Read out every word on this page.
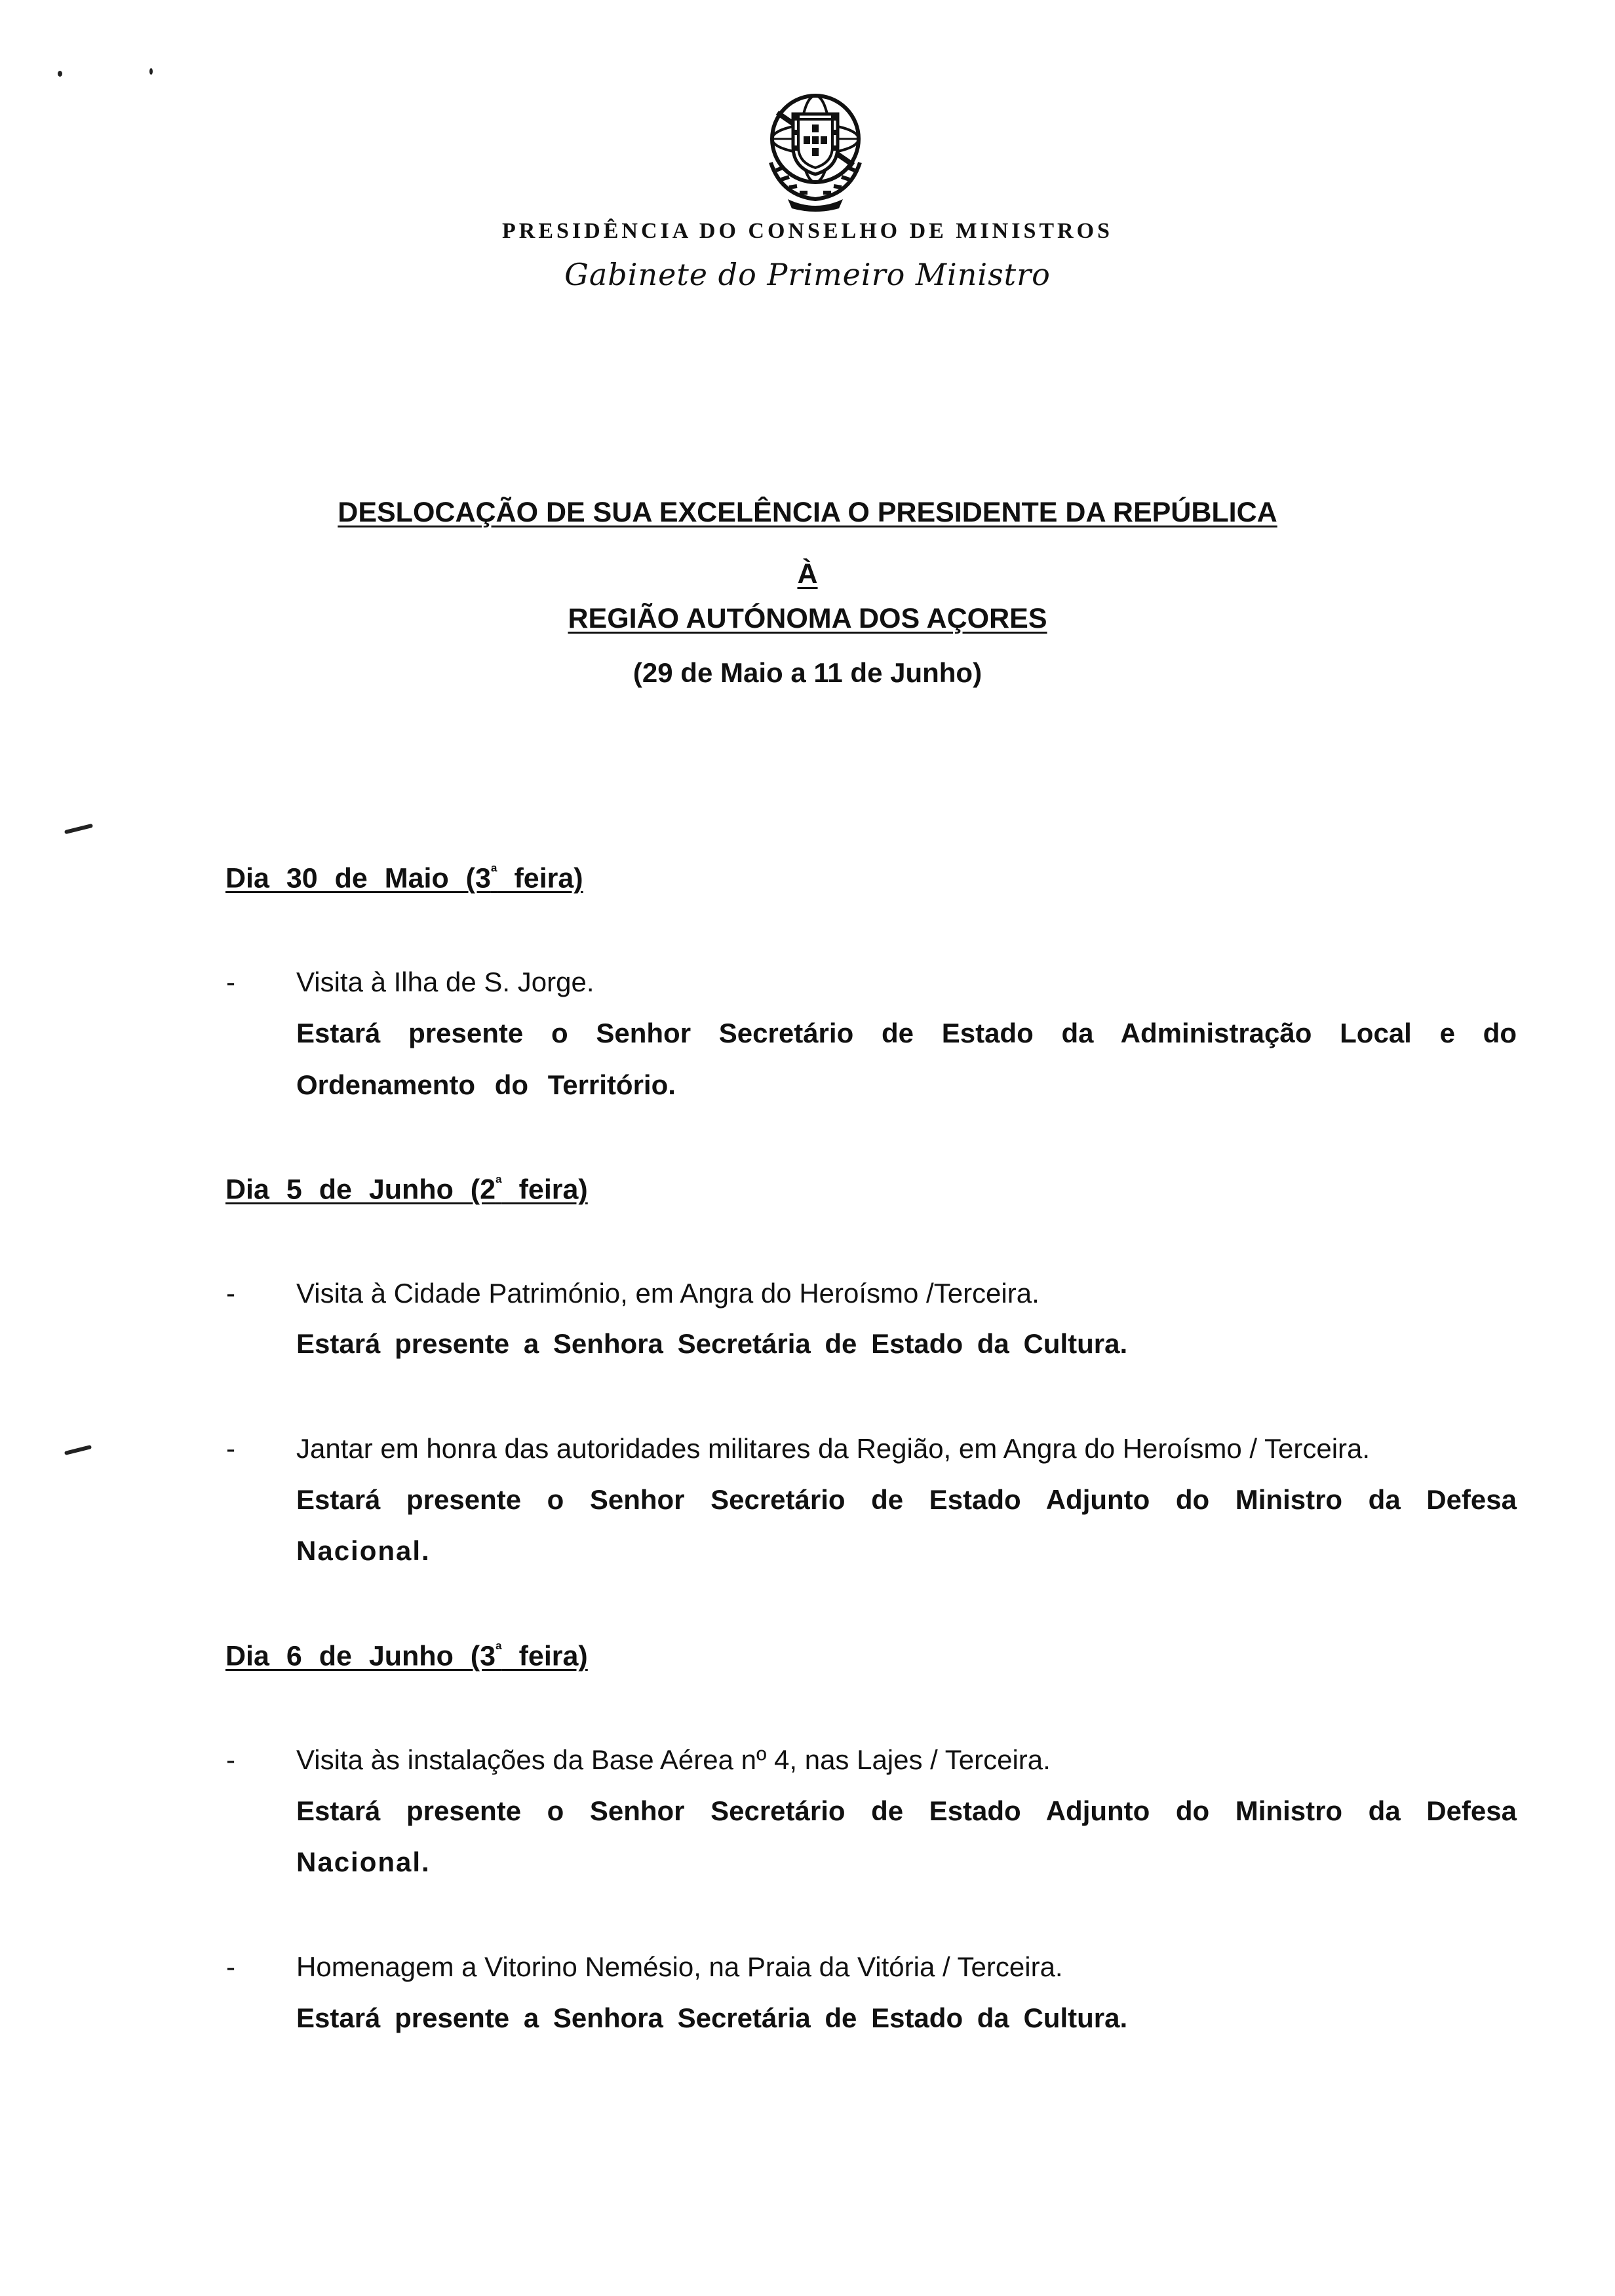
PRESIDÊNCIA DO CONSELHO DE MINISTROS
Gabinete do Primeiro Ministro
DESLOCAÇÃO DE SUA EXCELÊNCIA O PRESIDENTE DA REPÚBLICA
À
REGIÃO AUTÓNOMA DOS AÇORES
(29 de Maio a 11 de Junho)
Dia 30 de Maio ($3^ª$ feira)
- Visita à Ilha de S. Jorge.
Estará presente o Senhor Secretário de Estado da Administração Local e do
Ordenamento do Território.
Dia 5 de Junho ($2^ª$ feira)
- Visita à Cidade Património, em Angra do Heroísmo /Terceira.
Estará presente a Senhora Secretária de Estado da Cultura.
- Jantar em honra das autoridades militares da Região, em Angra do Heroísmo / Terceira.
Estará presente o Senhor Secretário de Estado Adjunto do Ministro da Defesa
Nacional.
Dia 6 de Junho ($3^ª$ feira)
- Visita às instalações da Base Aérea nº 4, nas Lajes / Terceira.
Estará presente o Senhor Secretário de Estado Adjunto do Ministro da Defesa
Nacional.
- Homenagem a Vitorino Nemésio, na Praia da Vitória / Terceira.
Estará presente a Senhora Secretária de Estado da Cultura.
